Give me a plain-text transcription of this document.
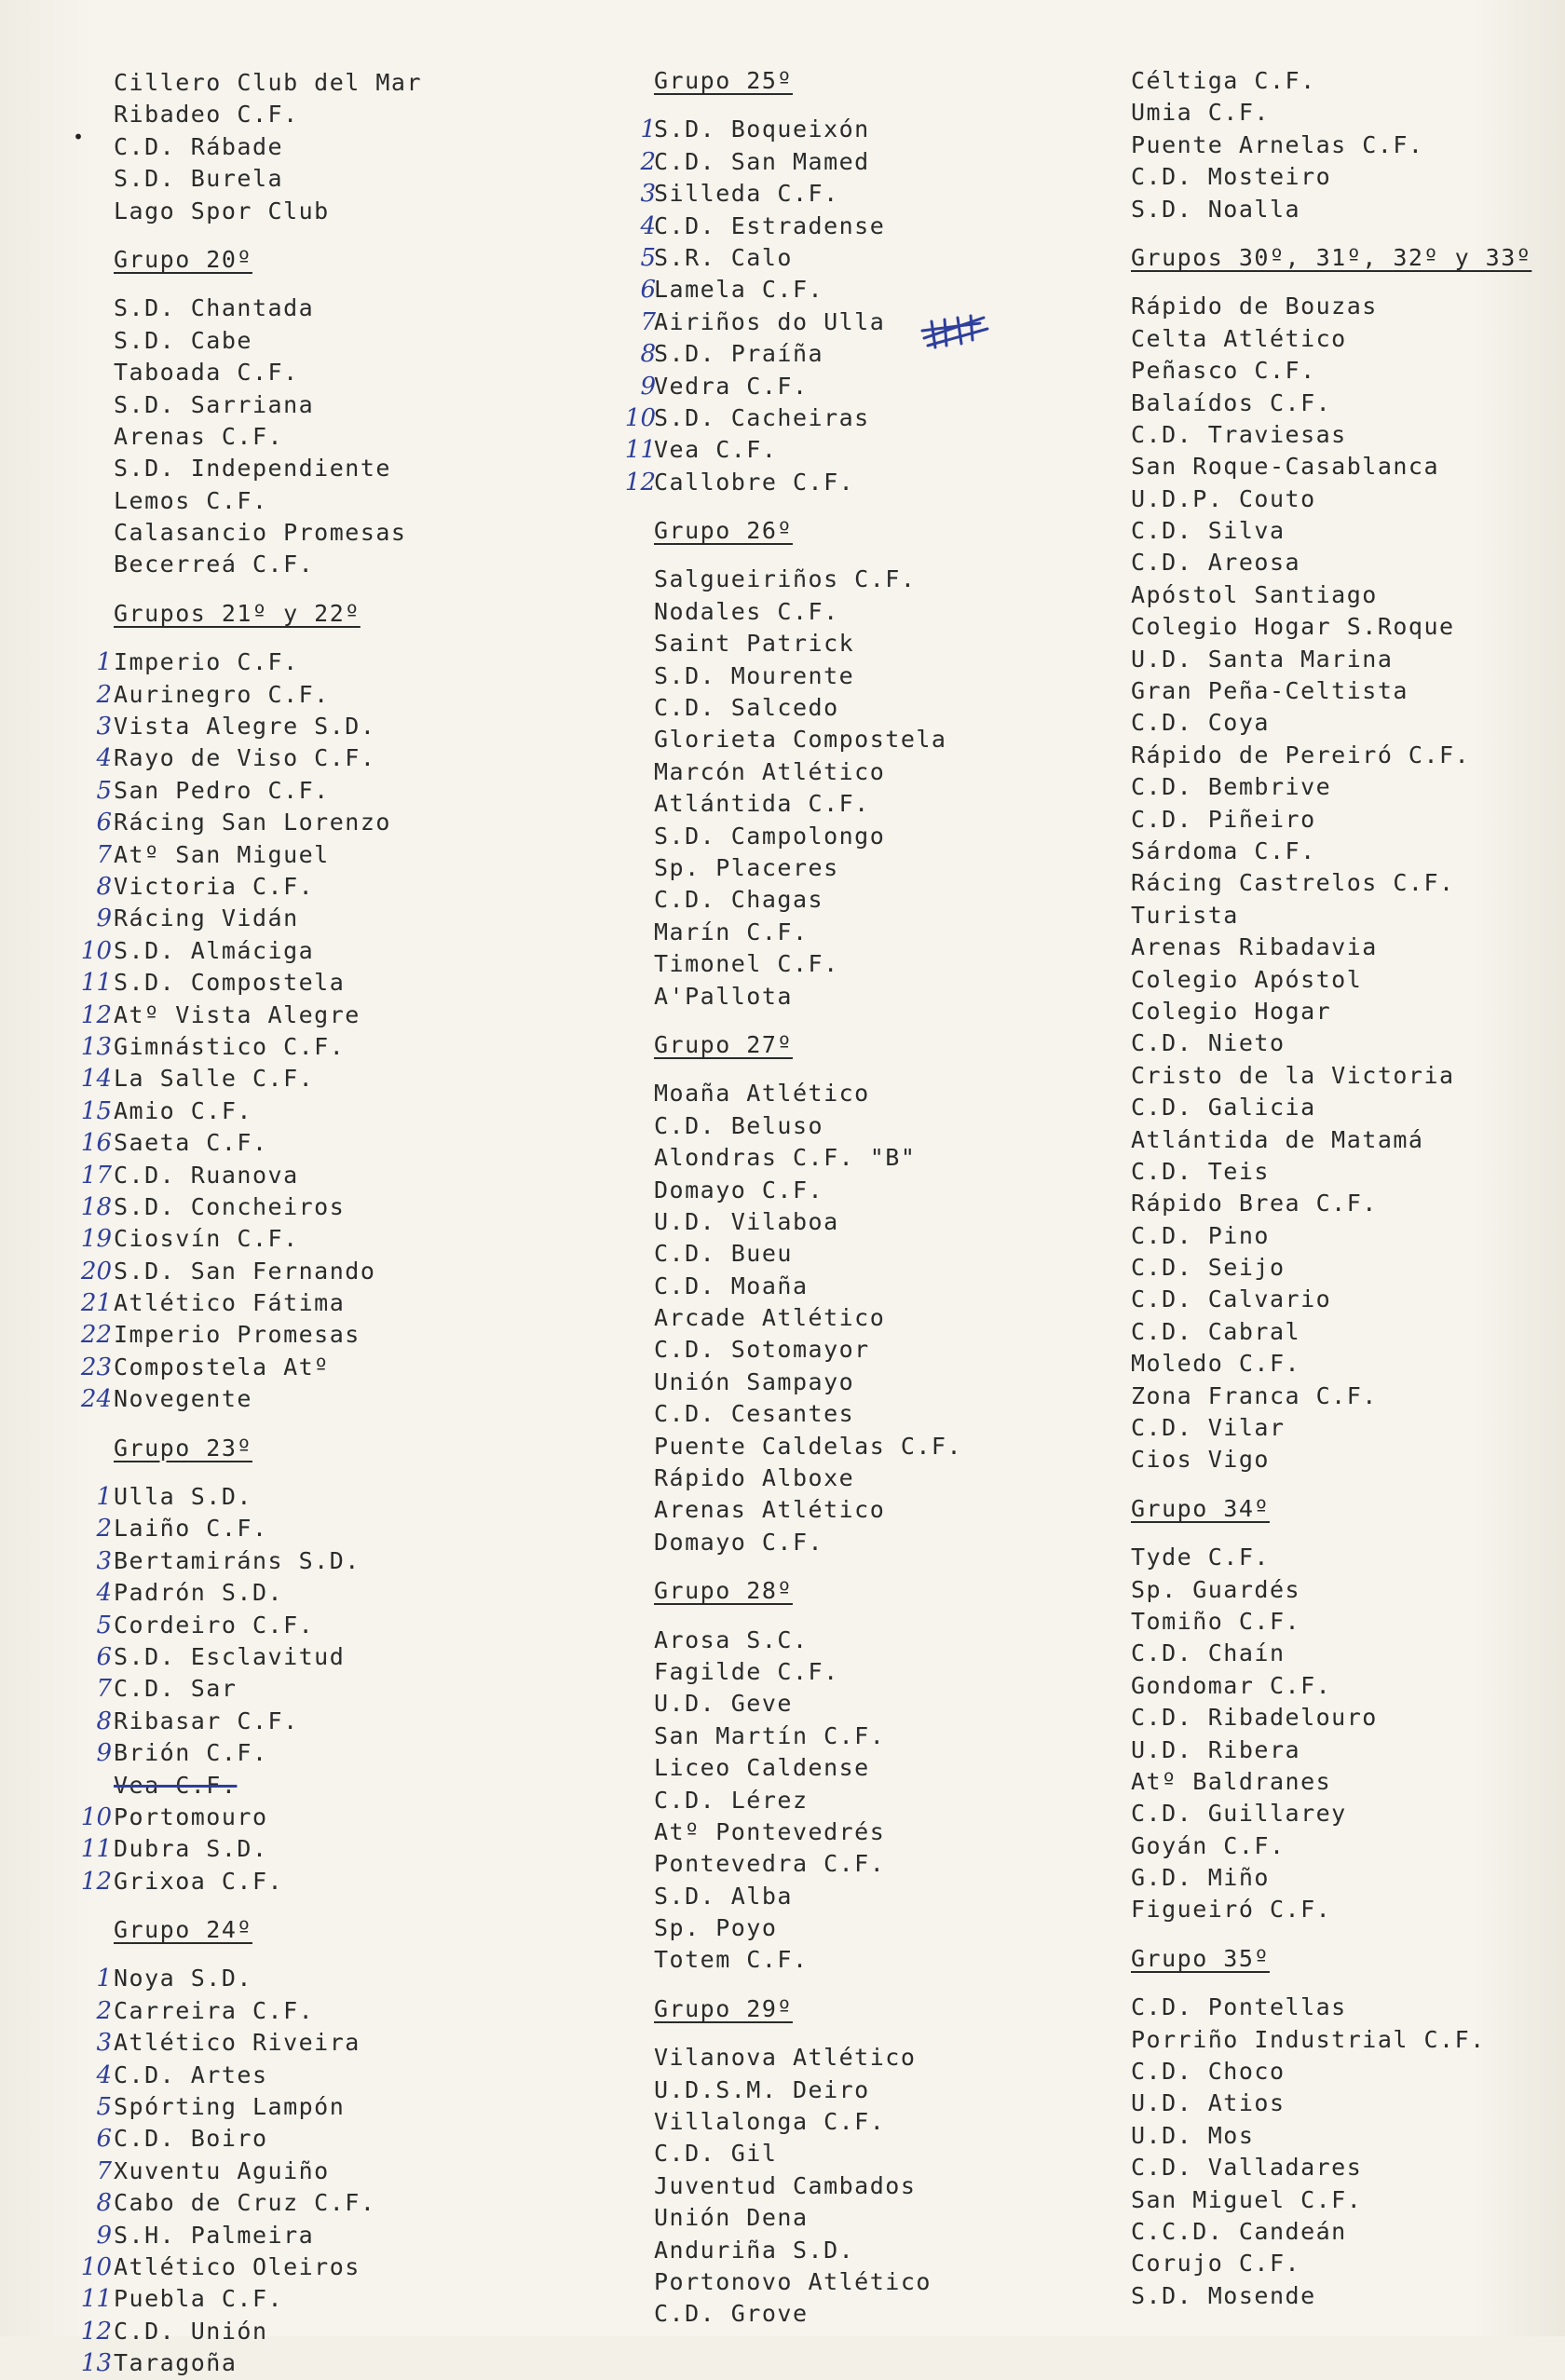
•
Cillero Club del Mar
Ribadeo C.F.
C.D. Rábade
S.D. Burela
Lago Spor Club
Grupo 20º
S.D. Chantada
S.D. Cabe
Taboada C.F.
S.D. Sarriana
Arenas C.F.
S.D. Independiente
Lemos C.F.
Calasancio Promesas
Becerreá C.F.
Grupos 21º y 22º
1 Imperio C.F.
2 Aurinegro C.F.
3 Vista Alegre S.D.
4 Rayo de Viso C.F.
5 San Pedro C.F.
6 Rácing San Lorenzo
7 Atº San Miguel
8 Victoria C.F.
9 Rácing Vidán
10 S.D. Almáciga
11 S.D. Compostela
12 Atº Vista Alegre
13 Gimnástico C.F.
14 La Salle C.F.
15 Amio C.F.
16 Saeta C.F.
17 C.D. Ruanova
18 S.D. Concheiros
19 Ciosvín C.F.
20 S.D. San Fernando
21 Atlético Fátima
22 Imperio Promesas
23 Compostela Atº
24 Novegente
Grupo 23º
1 Ulla S.D.
2 Laiño C.F.
3 Bertamiráns S.D.
4 Padrón S.D.
5 Cordeiro C.F.
6 S.D. Esclavitud
7 C.D. Sar
8 Ribasar C.F.
9 Brión C.F.
Vea C.F.
10 Portomouro
11 Dubra S.D.
12 Grixoa C.F.
Grupo 24º
1 Noya S.D.
2 Carreira C.F.
3 Atlético Riveira
4 C.D. Artes
5 Spórting Lampón
6 C.D. Boiro
7 Xuventu Aguiño
8 Cabo de Cruz C.F.
9 S.H. Palmeira
10 Atlético Oleiros
11 Puebla C.F.
12 C.D. Unión
13 Taragoña
Grupo 25º
1
S.D. Boqueixón
2
C.D. San Mamed
3
Silleda C.F.
4
C.D. Estradense
5
S.R. Calo
6
Lamela C.F.
7
Airiños do Ulla
8
S.D. Praíña
9
Vedra C.F.
10
S.D. Cacheiras
11
Vea C.F.
12
Callobre C.F.
Grupo 26º
Salgueiriños C.F.
Nodales C.F.
Saint Patrick
S.D. Mourente
C.D. Salcedo
Glorieta Compostela
Marcón Atlético
Atlántida C.F.
S.D. Campolongo
Sp. Placeres
C.D. Chagas
Marín C.F.
Timonel C.F.
A'Pallota
Grupo 27º
Moaña Atlético
C.D. Beluso
Alondras C.F. "B"
Domayo C.F.
U.D. Vilaboa
C.D. Bueu
C.D. Moaña
Arcade Atlético
C.D. Sotomayor
Unión Sampayo
C.D. Cesantes
Puente Caldelas C.F.
Rápido Alboxe
Arenas Atlético
Domayo C.F.
Grupo 28º
Arosa S.C.
Fagilde C.F.
U.D. Geve
San Martín C.F.
Liceo Caldense
C.D. Lérez
Atº Pontevedrés
Pontevedra C.F.
S.D. Alba
Sp. Poyo
Totem C.F.
Grupo 29º
Vilanova Atlético
U.D.S.M. Deiro
Villalonga C.F.
C.D. Gil
Juventud Cambados
Unión Dena
Anduriña S.D.
Portonovo Atlético
C.D. Grove
Céltiga C.F.
Umia C.F.
Puente Arnelas C.F.
C.D. Mosteiro
S.D. Noalla
Grupos 30º, 31º, 32º y 33º
Rápido de Bouzas
Celta Atlético
Peñasco C.F.
Balaídos C.F.
C.D. Traviesas
San Roque-Casablanca
U.D.P. Couto
C.D. Silva
C.D. Areosa
Apóstol Santiago
Colegio Hogar S.Roque
U.D. Santa Marina
Gran Peña-Celtista
C.D. Coya
Rápido de Pereiró C.F.
C.D. Bembrive
C.D. Piñeiro
Sárdoma C.F.
Rácing Castrelos C.F.
Turista
Arenas Ribadavia
Colegio Apóstol
Colegio Hogar
C.D. Nieto
Cristo de la Victoria
C.D. Galicia
Atlántida de Matamá
C.D. Teis
Rápido Brea C.F.
C.D. Pino
C.D. Seijo
C.D. Calvario
C.D. Cabral
Moledo C.F.
Zona Franca C.F.
C.D. Vilar
Cios Vigo
Grupo 34º
Tyde C.F.
Sp. Guardés
Tomiño C.F.
C.D. Chaín
Gondomar C.F.
C.D. Ribadelouro
U.D. Ribera
Atº Baldranes
C.D. Guillarey
Goyán C.F.
G.D. Miño
Figueiró C.F.
Grupo 35º
C.D. Pontellas
Porriño Industrial C.F.
C.D. Choco
U.D. Atios
U.D. Mos
C.D. Valladares
San Miguel C.F.
C.C.D. Candeán
Corujo C.F.
S.D. Mosende
